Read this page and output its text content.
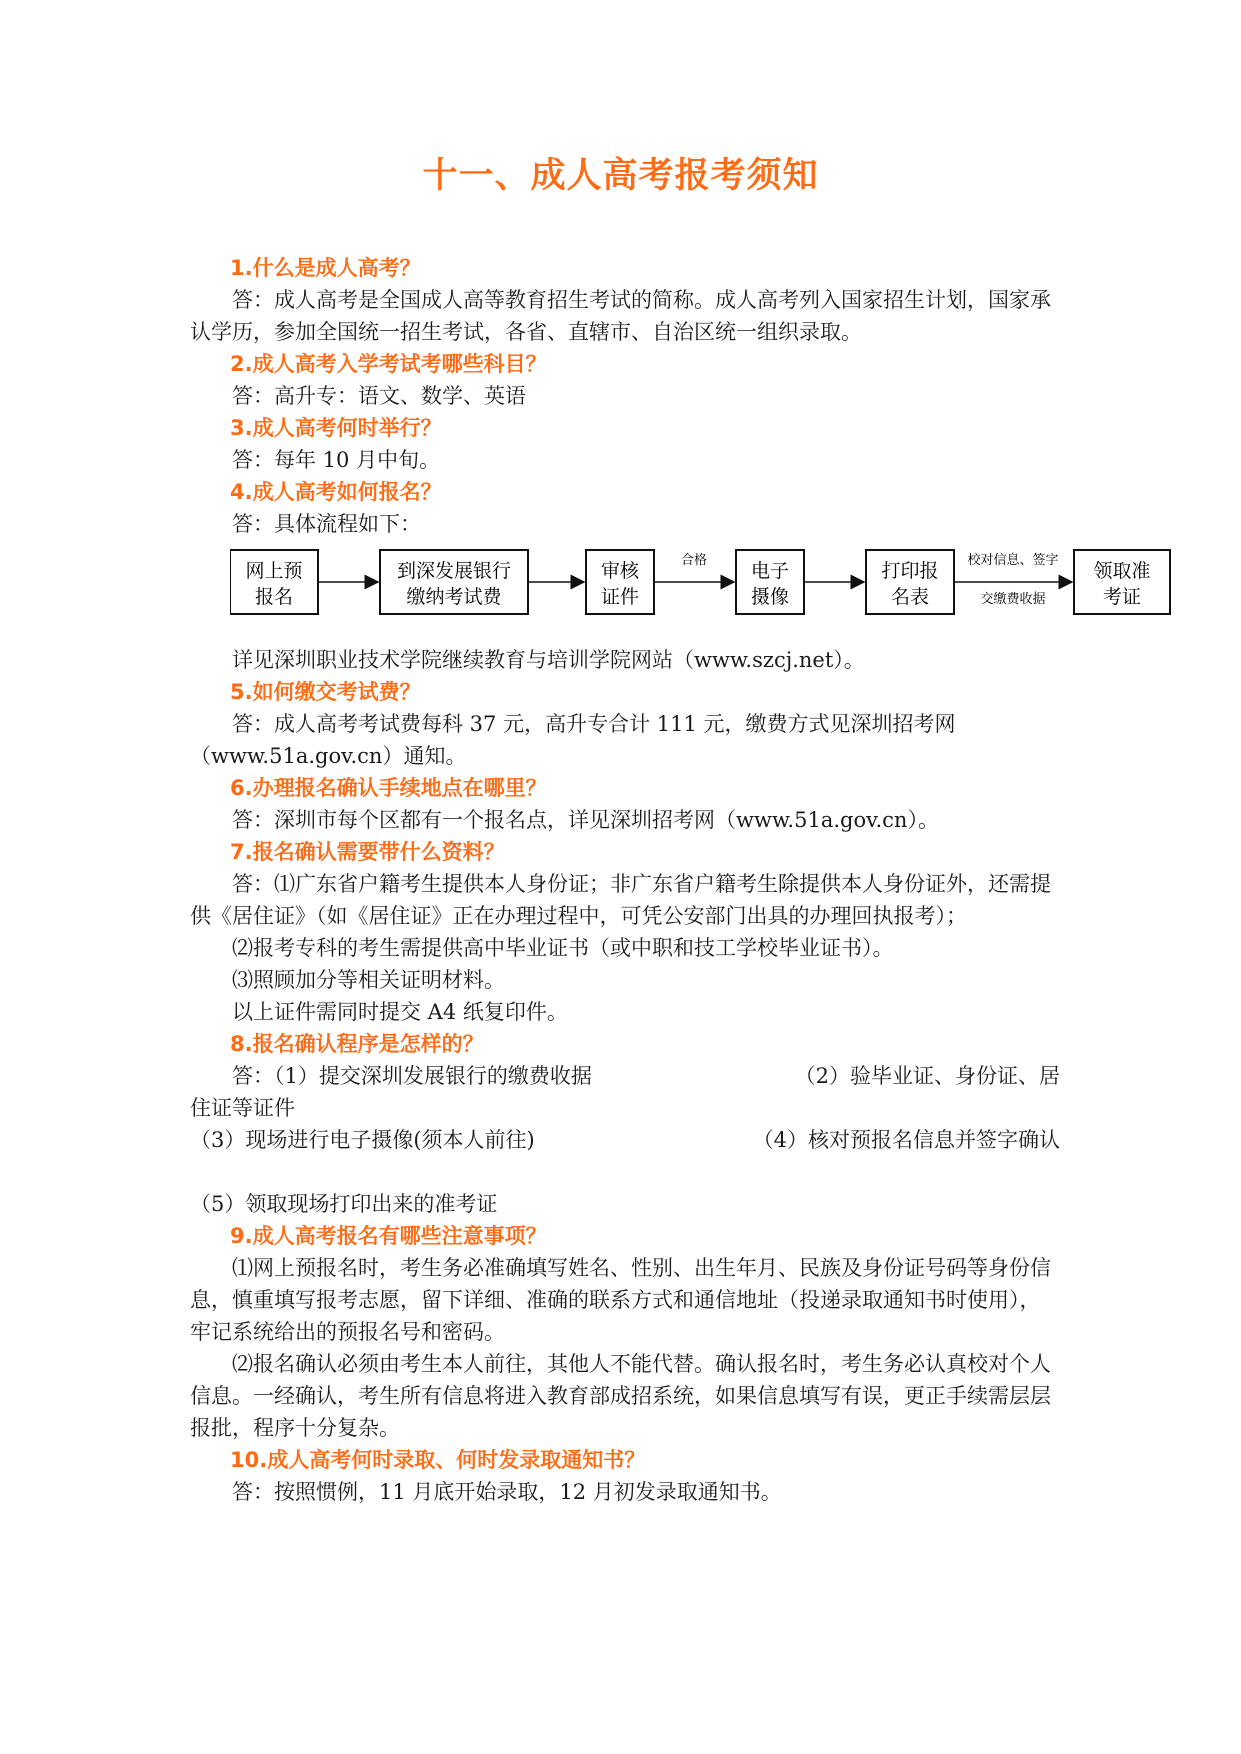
十一、成人高考报考须知
1.什么是成人高考？

答：成人高考是全国成人高等教育招生考试的简称。成人高考列入国家招生计划，国家承认学历，参加全国统一招生考试，各省、直辖市、自治区统一组织录取。

2.成人高考入学考试考哪些科目？

答：高升专：语文、数学、英语

3.成人高考何时举行？

答：每年 10 月中旬。

4.成人高考如何报名？

答：具体流程如下：

网上预
报名
到深发展银行
缴纳考试费
审核
证件
电子
摄像
打印报
名表
领取准
考证
合格	校对信息、签字
交缴费收据

详见深圳职业技术学院继续教育与培训学院网站（www.szcj.net）。

5.如何缴交考试费？

答：成人高考考试费每科 37 元，高升专合计 111 元，缴费方式见深圳招考网（www.51a.gov.cn）通知。

6.办理报名确认手续地点在哪里？

答：深圳市每个区都有一个报名点，详见深圳招考网（www.51a.gov.cn）。

7.报名确认需要带什么资料？

答：⑴广东省户籍考生提供本人身份证；非广东省户籍考生除提供本人身份证外，还需提供《居住证》（如《居住证》正在办理过程中，可凭公安部门出具的办理回执报考）；

⑵报考专科的考生需提供高中毕业证书（或中职和技工学校毕业证书）。

⑶照顾加分等相关证明材料。

以上证件需同时提交 A4 纸复印件。

8.报名确认程序是怎样的？
答：（1）提交深圳发展银行的缴费收据	（2）验毕业证、身份证、居

住证等证件

（3）现场进行电子摄像(须本人前往)	（4）核对预报名信息并签字确认

（5）领取现场打印出来的准考证

9.成人高考报名有哪些注意事项？

⑴网上预报名时，考生务必准确填写姓名、性别、出生年月、民族及身份证号码等身份信息，慎重填写报考志愿，留下详细、准确的联系方式和通信地址（投递录取通知书时使用），牢记系统给出的预报名号和密码。

⑵报名确认必须由考生本人前往，其他人不能代替。确认报名时，考生务必认真校对个人信息。一经确认，考生所有信息将进入教育部成招系统，如果信息填写有误，更正手续需层层报批，程序十分复杂。

10.成人高考何时录取、何时发录取通知书？

答：按照惯例，11 月底开始录取，12 月初发录取通知书。
